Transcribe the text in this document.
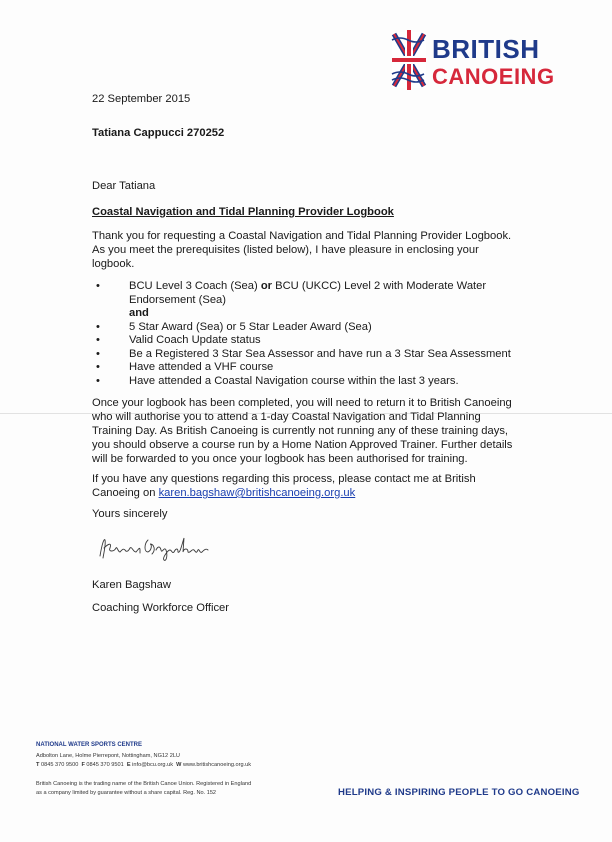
BRITISH
CANOEING

22 September 2015

Tatiana Cappucci 270252

Dear Tatiana

Coastal Navigation and Tidal Planning Provider Logbook

Thank you for requesting a Coastal Navigation and Tidal Planning Provider Logbook. As you meet the prerequisites (listed below), I have pleasure in enclosing your logbook.

•	BCU Level 3 Coach (Sea) or BCU (UKCC) Level 2 with Moderate Water Endorsement (Sea)
and
•	5 Star Award (Sea) or 5 Star Leader Award (Sea)
•	Valid Coach Update status
•	Be a Registered 3 Star Sea Assessor and have run a 3 Star Sea Assessment
•	Have attended a VHF course
•	Have attended a Coastal Navigation course within the last 3 years.

Once your logbook has been completed, you will need to return it to British Canoeing who will authorise you to attend a 1-day Coastal Navigation and Tidal Planning Training Day. As British Canoeing is currently not running any of these training days, you should observe a course run by a Home Nation Approved Trainer. Further details will be forwarded to you once your logbook has been authorised for training.

If you have any questions regarding this process, please contact me at British Canoeing on karen.bagshaw@britishcanoeing.org.uk

Yours sincerely

Karen Bagshaw

Coaching Workforce Officer

NATIONAL WATER SPORTS CENTRE
Adbolton Lane, Holme Pierrepont, Nottingham, NG12 2LU
T 0845 370 9500 F 0845 370 9501 E info@bcu.org.uk W www.britishcanoeing.org.uk
British Canoeing is the trading name of the British Canoe Union. Registered in England
as a company limited by guarantee without a share capital. Reg. No. 152	HELPING & INSPIRING PEOPLE TO GO CANOEING
